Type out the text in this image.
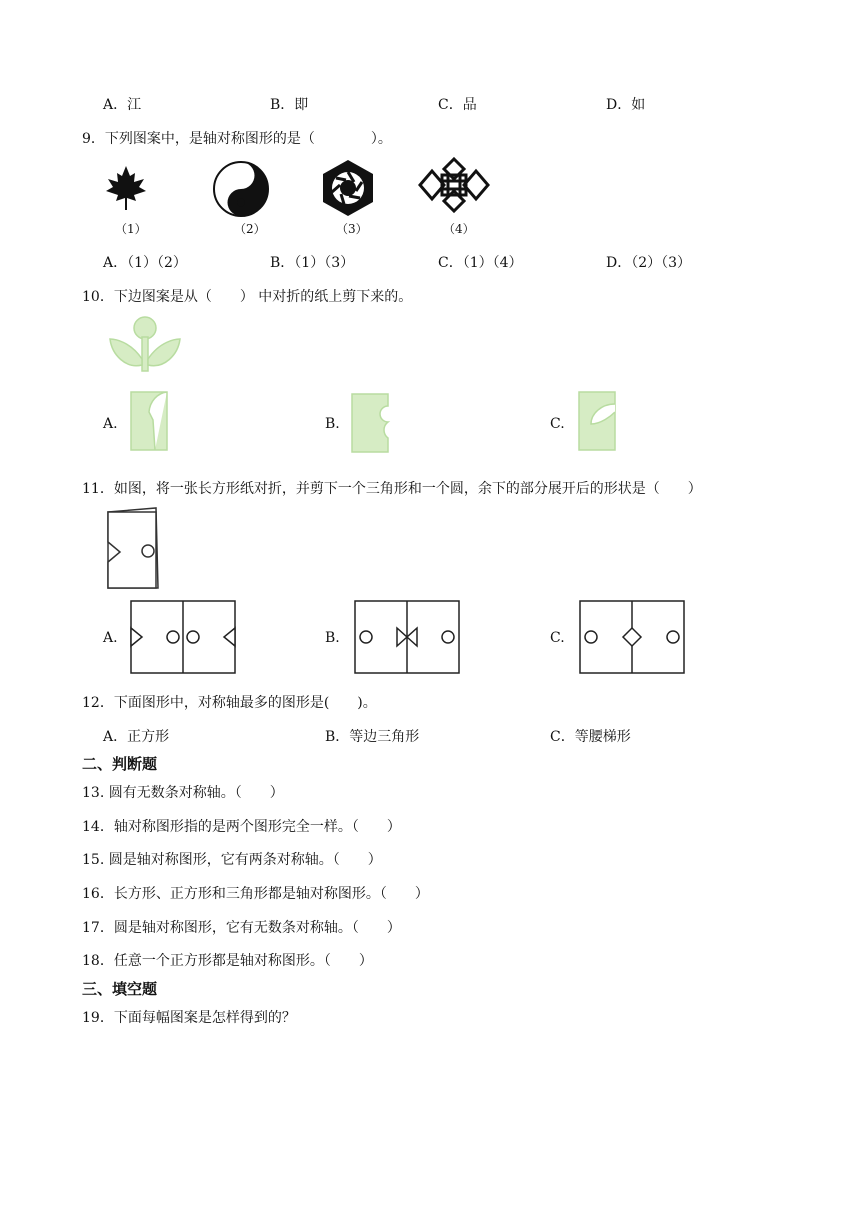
A．江	B．即	C．品	D．如
9．下列图案中，是轴对称图形的是（　　　　）。
（1）	（2）	（3）	（4）
A．（1）（2）	B．（1）（3）	C．（1）（4）	D．（2）（3）
10．下边图案是从（　　） 中对折的纸上剪下来的。
A.	B.	C.
11．如图，将一张长方形纸对折，并剪下一个三角形和一个圆，余下的部分展开后的形状是（　　）
A.	B.	C.
12．下面图形中，对称轴最多的图形是(　　)。
A．正方形	B．等边三角形	C．等腰梯形
二、判断题
13. 圆有无数条对称轴。（　　）
14．轴对称图形指的是两个图形完全一样。（　　）
15. 圆是轴对称图形，它有两条对称轴。（　　）
16．长方形、正方形和三角形都是轴对称图形。（　　）
17．圆是轴对称图形，它有无数条对称轴。（　　）
18．任意一个正方形都是轴对称图形。（　　）
三、填空题
19．下面每幅图案是怎样得到的？
